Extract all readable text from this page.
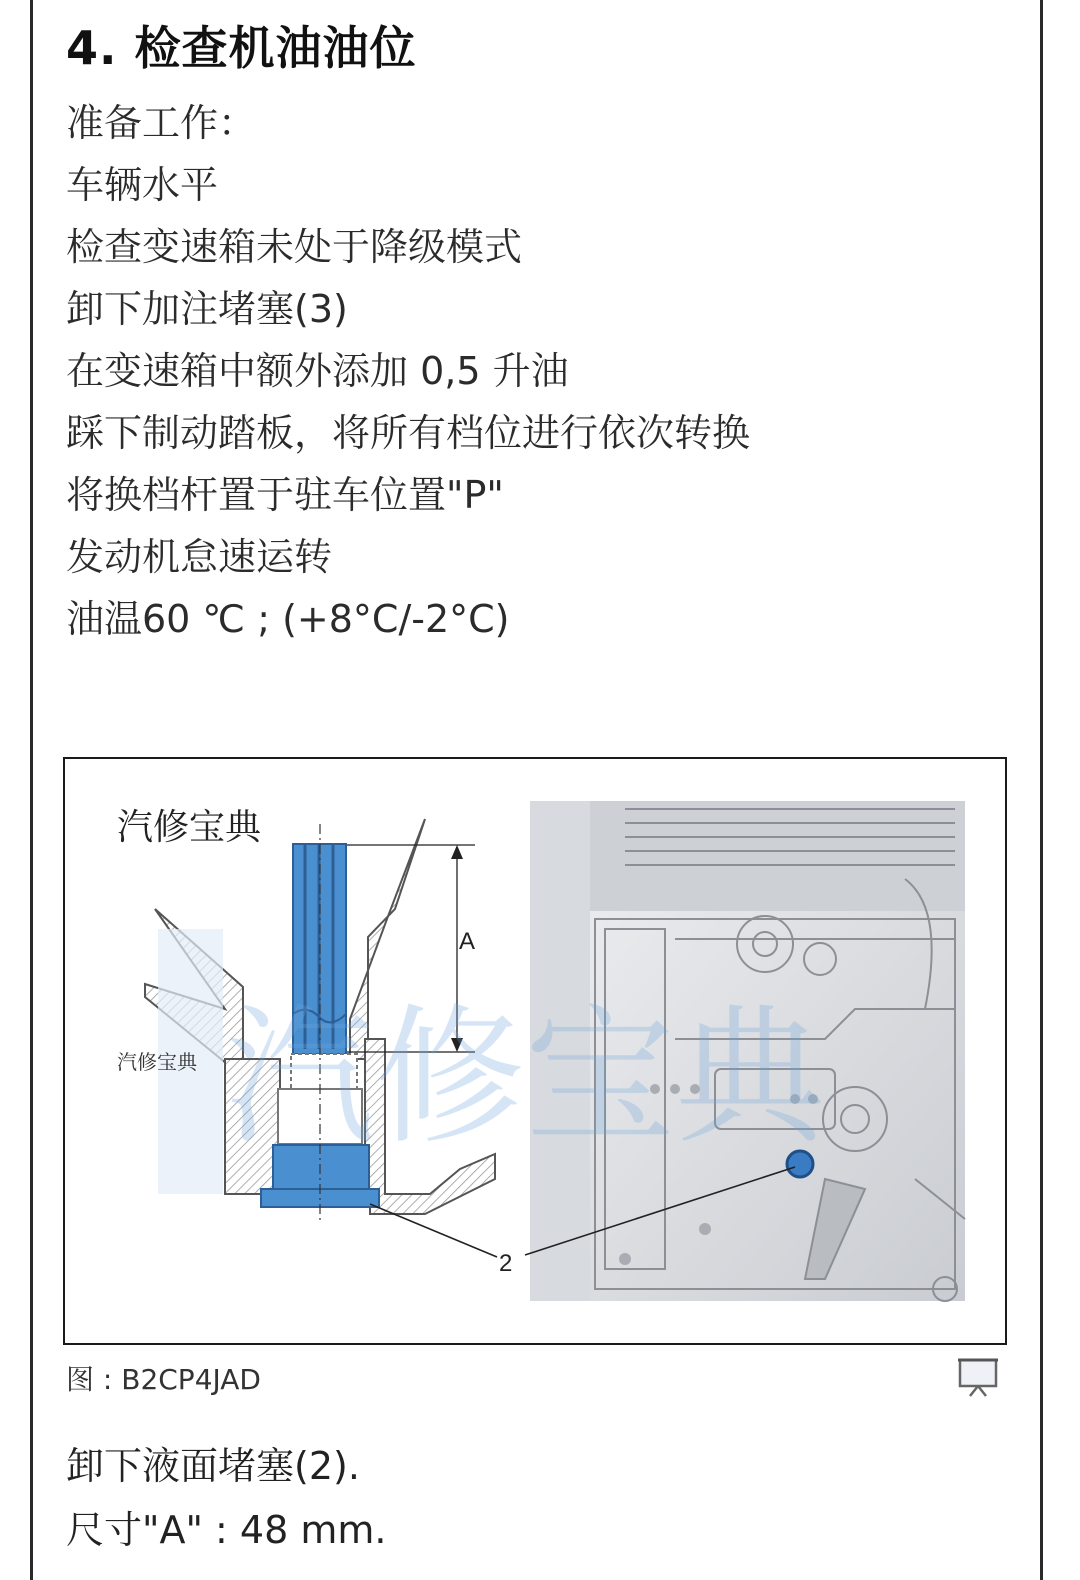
4. 检查机油油位
准备工作：
车辆水平
检查变速箱未处于降级模式
卸下加注堵塞(3)
在变速箱中额外添加 0,5 升油
踩下制动踏板，将所有档位进行依次转换
将换档杆置于驻车位置"P"
发动机怠速运转
油温60 ℃ ; (+8°C/-2°C)
A
2
汽修宝典
汽修宝典 汽修宝典
图 : B2CP4JAD
卸下液面堵塞(2).
尺寸"A" : 48 mm.
